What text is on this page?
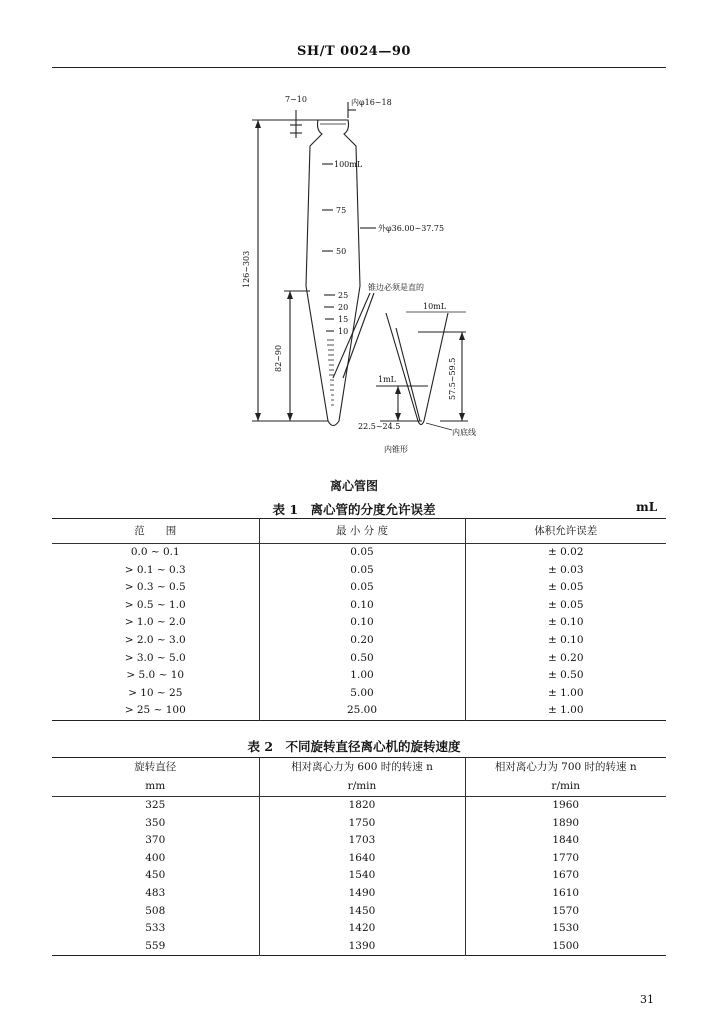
SH/T 0024—90
7~10	内φ16~18
100mL
75
50
外φ36.00~37.75
25
20
15
10
锥边必须是直的
10mL
1mL
22.5~24.5
内底线
内锥形
126~303
82~90	57.5~59.5
离心管图
表 1　离心管的分度允许误差	mL
范　　围	最 小 分 度	体积允许误差
0.0 ~ 0.1	0.05	± 0.02
> 0.1 ~ 0.3	0.05	± 0.03
> 0.3 ~ 0.5	0.05	± 0.05
> 0.5 ~ 1.0	0.10	± 0.05
> 1.0 ~ 2.0	0.10	± 0.10
> 2.0 ~ 3.0	0.20	± 0.10
> 3.0 ~ 5.0	0.50	± 0.20
> 5.0 ~ 10	1.00	± 0.50
> 10 ~ 25	5.00	± 1.00
> 25 ~ 100	25.00	± 1.00
表 2　不同旋转直径离心机的旋转速度
旋转直径	相对离心力为 600 时的转速 n	相对离心力为 700 时的转速 n
mm	r/min	r/min
325	1820	1960
350	1750	1890
370	1703	1840
400	1640	1770
450	1540	1670
483	1490	1610
508	1450	1570
533	1420	1530
559	1390	1500
31
